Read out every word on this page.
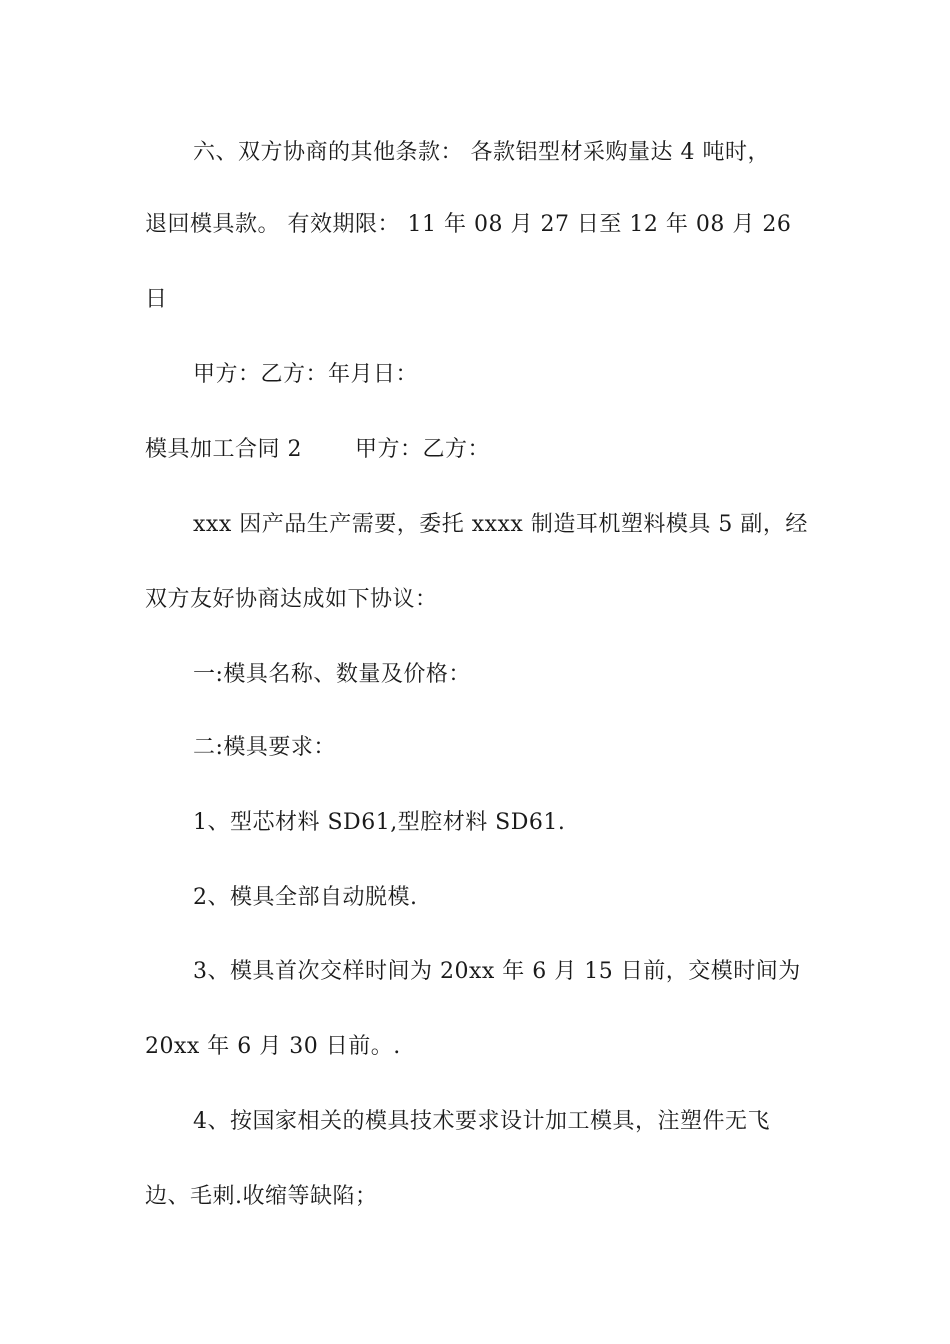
六、双方协商的其他条款： 各款铝型材采购量达 4 吨时，
退回模具款。 有效期限： 11 年 08 月 27 日至 12 年 08 月 26
日
甲方：乙方：年月日：
模具加工合同 2 甲方：乙方：
xxx 因产品生产需要，委托 xxxx 制造耳机塑料模具 5 副，经
双方友好协商达成如下协议：
一:模具名称、数量及价格：
二:模具要求：
1、型芯材料 SD61,型腔材料 SD61.
2、模具全部自动脱模.
3、模具首次交样时间为 20xx 年 6 月 15 日前，交模时间为
20xx 年 6 月 30 日前。.
4、按国家相关的模具技术要求设计加工模具，注塑件无飞
边、毛刺.收缩等缺陷；
